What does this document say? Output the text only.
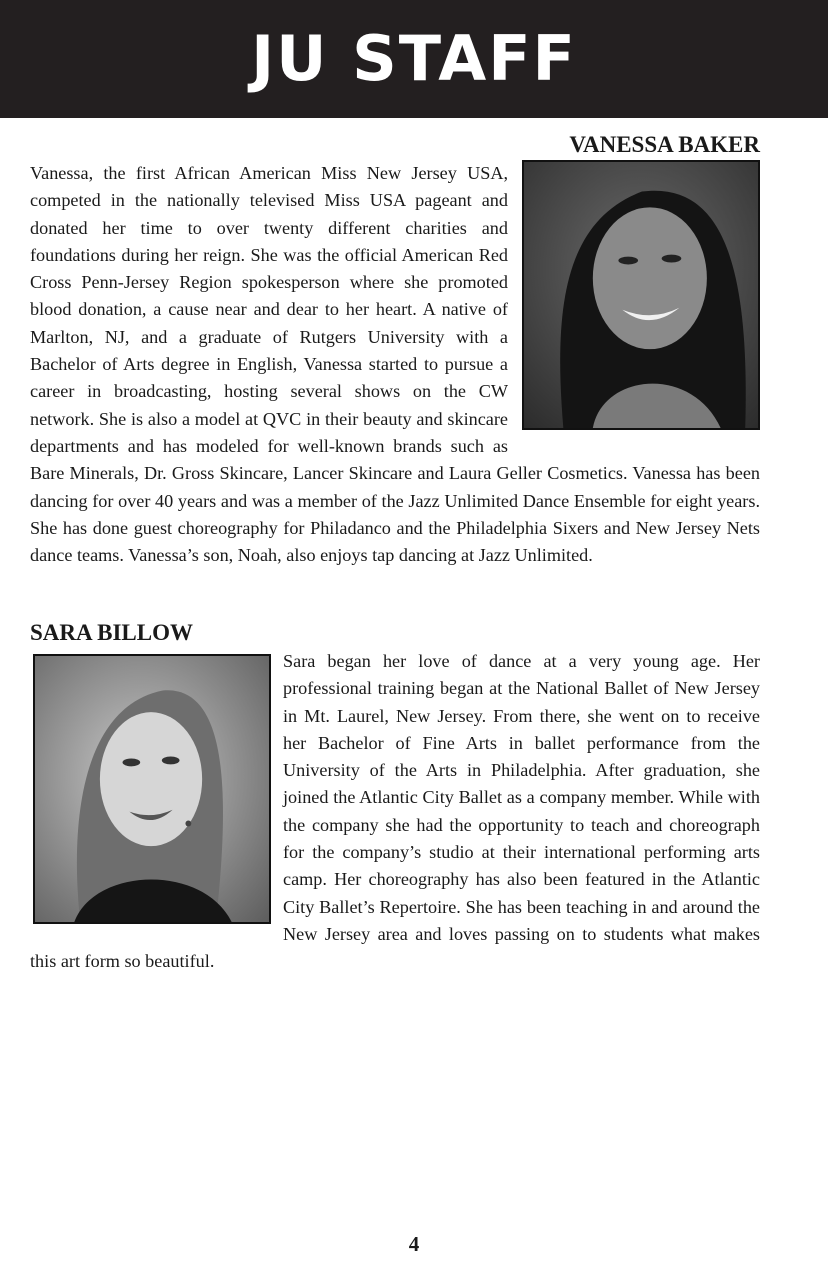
JU STAFF
VANESSA BAKER

Vanessa, the first African American Miss New Jersey USA, competed in the nationally televised Miss USA pageant and donated her time to over twenty different charities and foundations during her reign. She was the official American Red Cross Penn-Jersey Region spokesperson where she promoted blood donation, a cause near and dear to her heart. A native of Marlton, NJ, and a graduate of Rutgers University with a Bachelor of Arts degree in English, Vanessa started to pursue a career in broadcasting, hosting several shows on the CW network. She is also a model at QVC in their beauty and skincare departments and has modeled for well-known brands such as Bare Minerals, Dr. Gross Skincare, Lancer Skincare and Laura Geller Cosmetics. Vanessa has been dancing for over 40 years and was a member of the Jazz Unlimited Dance Ensemble for eight years. She has done guest choreography for Philadanco and the Philadelphia Sixers and New Jersey Nets dance teams. Vanessa’s son, Noah, also enjoys tap dancing at Jazz Unlimited.

SARA BILLOW

Sara began her love of dance at a very young age. Her professional training began at the National Ballet of New Jersey in Mt. Laurel, New Jersey. From there, she went on to receive her Bachelor of Fine Arts in ballet performance from the University of the Arts in Philadelphia. After graduation, she joined the Atlantic City Ballet as a company member. While with the company she had the opportunity to teach and choreograph for the company’s studio at their international performing arts camp. Her choreography has also been featured in the Atlantic City Ballet’s Repertoire. She has been teaching in and around the New Jersey area and loves passing on to students what makes this art form so beautiful.

4
